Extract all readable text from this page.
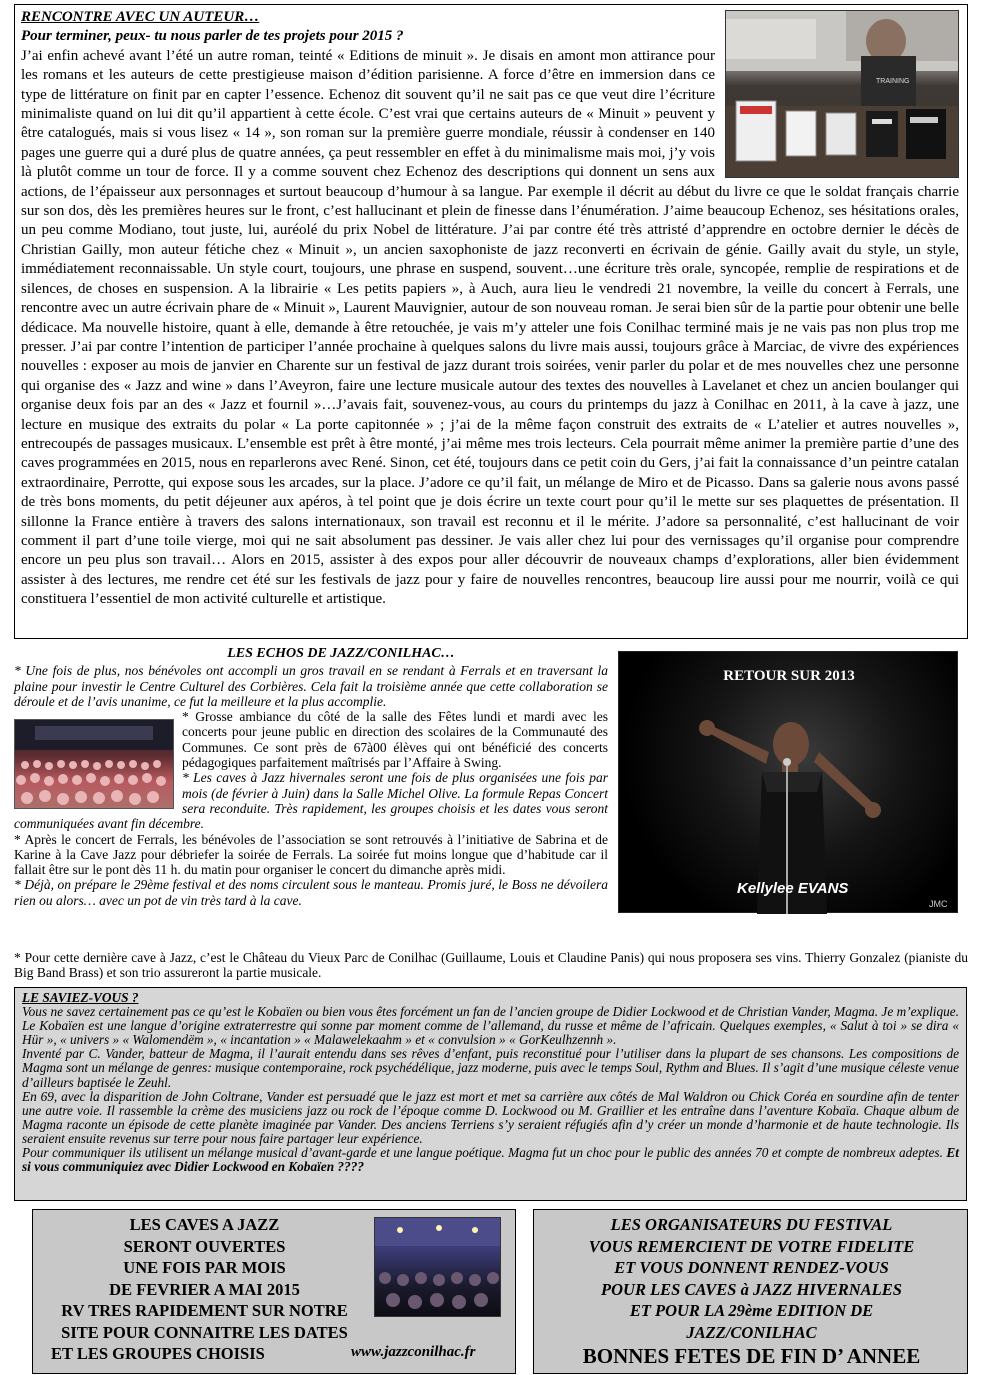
TRAINING
RENCONTRE AVEC UN AUTEUR…
Pour terminer, peux- tu nous parler de tes projets pour 2015 ?
J’ai enfin achevé avant l’été un autre roman, teinté « Editions de minuit ». Je disais en amont mon attirance pour les romans et les auteurs de cette prestigieuse maison d’édition parisienne. A force d’être en immersion dans ce type de littérature on finit par en capter l’essence. Echenoz dit souvent qu’il ne sait pas ce que veut dire l’écriture minimaliste quand on lui dit qu’il appartient à cette école. C’est vrai que certains auteurs de « Minuit » peuvent y être catalogués, mais si vous lisez « 14 », son roman sur la première guerre mondiale, réussir à condenser en 140 pages une guerre qui a duré plus de quatre années, ça peut ressembler en effet à du minimalisme mais moi, j’y vois là plutôt comme un tour de force. Il y a comme souvent chez Echenoz des descriptions qui donnent un sens aux actions, de l’épaisseur aux personnages et surtout beaucoup d’humour à sa langue. Par exemple il décrit au début du livre ce que le soldat français charrie sur son dos, dès les premières heures sur le front, c’est hallucinant et plein de finesse dans l’énumération. J’aime beaucoup Echenoz, ses hésitations orales, un peu comme Modiano, tout juste, lui, auréolé du prix Nobel de littérature. J’ai par contre été très attristé d’apprendre en octobre dernier le décès de Christian Gailly, mon auteur fétiche chez « Minuit », un ancien saxophoniste de jazz reconverti en écrivain de génie. Gailly avait du style, un style, immédiatement reconnaissable. Un style court, toujours, une phrase en suspend, souvent…une écriture très orale, syncopée, remplie de respirations et de silences, de choses en suspension. A la librairie « Les petits papiers », à Auch, aura lieu le vendredi 21 novembre, la veille du concert à Ferrals, une rencontre avec un autre écrivain phare de « Minuit », Laurent Mauvignier, autour de son nouveau roman. Je serai bien sûr de la partie pour obtenir une belle dédicace. Ma nouvelle histoire, quant à elle, demande à être retouchée, je vais m’y atteler une fois Conilhac terminé mais je ne vais pas non plus trop me presser. J’ai par contre l’intention de participer l’année prochaine à quelques salons du livre mais aussi, toujours grâce à Marciac, de vivre des expériences nouvelles : exposer au mois de janvier en Charente sur un festival de jazz durant trois soirées, venir parler du polar et de mes nouvelles chez une personne qui organise des « Jazz and wine » dans l’Aveyron, faire une lecture musicale autour des textes des nouvelles à Lavelanet et chez un ancien boulanger qui organise deux fois par an des « Jazz et fournil »…J’avais fait, souvenez-vous, au cours du printemps du jazz à Conilhac en 2011, à la cave à jazz, une lecture en musique des extraits du polar « La porte capitonnée » ; j’ai de la même façon construit des extraits de « L’atelier et autres nouvelles », entrecoupés de passages musicaux. L’ensemble est prêt à être monté, j’ai même mes trois lecteurs. Cela pourrait même animer la première partie d’une des caves programmées en 2015, nous en reparlerons avec René. Sinon, cet été, toujours dans ce petit coin du Gers, j’ai fait la connaissance d’un peintre catalan extraordinaire, Perrotte, qui expose sous les arcades, sur la place. J’adore ce qu’il fait, un mélange de Miro et de Picasso. Dans sa galerie nous avons passé de très bons moments, du petit déjeuner aux apéros, à tel point que je dois écrire un texte court pour qu’il le mette sur ses plaquettes de présentation. Il sillonne la France entière à travers des salons internationaux, son travail est reconnu et il le mérite. J’adore sa personnalité, c’est hallucinant de voir comment il part d’une toile vierge, moi qui ne sait absolument pas dessiner. Je vais aller chez lui pour des vernissages qu’il organise pour comprendre encore un peu plus son travail… Alors en 2015, assister à des expos pour aller découvrir de nouveaux champs d’explorations, aller bien évidemment assister à des lectures, me rendre cet été sur les festivals de jazz pour y faire de nouvelles rencontres, beaucoup lire aussi pour me nourrir, voilà ce qui constituera l’essentiel de mon activité culturelle et artistique.
LES ECHOS DE JAZZ/CONILHAC…

* Une fois de plus, nos bénévoles ont accompli un gros travail en se rendant à Ferrals et en traversant la plaine pour investir le Centre Culturel des Corbières. Cela fait la troisième année que cette collaboration se déroule et de l’avis unanime, ce fut la meilleure et la plus accomplie.

* Grosse ambiance du côté de la salle des Fêtes lundi et mardi avec les concerts pour jeune public en direction des scolaires de la Communauté des Communes. Ce sont près de 67à00 élèves qui ont bénéficié des concerts pédagogiques parfaitement maîtrisés par l’Affaire à Swing.

* Les caves à Jazz hivernales seront une fois de plus organisées une fois par mois (de février à Juin) dans la Salle Michel Olive. La formule Repas Concert sera reconduite. Très rapidement, les groupes choisis et les dates vous seront communiquées avant fin décembre.

* Après le concert de Ferrals, les bénévoles de l’association se sont retrouvés à l’initiative de Sabrina et de Karine à la Cave Jazz pour débriefer la soirée de Ferrals. La soirée fut moins longue que d’habitude car il fallait être sur le pont dès 11 h. du matin pour organiser le concert du dimanche après midi.

* Déjà, on prépare le 29ème festival et des noms circulent sous le manteau. Promis juré, le Boss ne dévoilera rien ou alors… avec un pot de vin très tard à la cave.

* Pour cette dernière cave à Jazz, c’est le Château du Vieux Parc de Conilhac (Guillaume, Louis et Claudine Panis) qui nous proposera ses vins. Thierry Gonzalez (pianiste du Big Band Brass) et son trio assureront la partie musicale.
RETOUR SUR 2013
Kellylee EVANS
JMC

LE SAVIEZ-VOUS ?

Vous ne savez certainement pas ce qu’est le Kobaïen ou bien vous êtes forcément un fan de l’ancien groupe de Didier Lockwood et de Christian Vander, Magma. Je m’explique. Le Kobaïen est une langue d’origine extraterrestre qui sonne par moment comme de l’allemand, du russe et même de l’africain. Quelques exemples, « Salut à toi » se dira « Hür », « univers » « Walomendëm », « incantation » « Malawelekaahm » et « convulsion » « GorKeulhzennh ».

Inventé par C. Vander, batteur de Magma, il l’aurait entendu dans ses rêves d’enfant, puis reconstitué pour l’utiliser dans la plupart de ses chansons. Les compositions de Magma sont un mélange de genres: musique contemporaine, rock psychédélique, jazz moderne, puis avec le temps Soul, Rythm and Blues. Il s’agit d’une musique céleste venue d’ailleurs baptisée le Zeuhl.

En 69, avec la disparition de John Coltrane, Vander est persuadé que le jazz est mort et met sa carrière aux côtés de Mal Waldron ou Chick Coréa en sourdine afin de tenter une autre voie. Il rassemble la crème des musiciens jazz ou rock de l’époque comme D. Lockwood ou M. Graillier et les entraîne dans l’aventure Kobaïa. Chaque album de Magma raconte un épisode de cette planète imaginée par Vander. Des anciens Terriens s’y seraient réfugiés afin d’y créer un monde d’harmonie et de haute technologie. Ils seraient ensuite revenus sur terre pour nous faire partager leur expérience.

Pour communiquer ils utilisent un mélange musical d’avant-garde et une langue poétique. Magma fut un choc pour le public des années 70 et compte de nombreux adeptes. Et si vous communiquiez avec Didier Lockwood en Kobaïen ????

LES CAVES A JAZZ
SERONT OUVERTES
UNE FOIS PAR MOIS
DE FEVRIER A MAI 2015
RV TRES RAPIDEMENT SUR NOTRE
SITE POUR CONNAITRE LES DATES
ET LES GROUPES CHOISIS	www.jazzconilhac.fr
LES ORGANISATEURS DU FESTIVAL
VOUS REMERCIENT DE VOTRE FIDELITE
ET VOUS DONNENT RENDEZ-VOUS
POUR LES CAVES à JAZZ HIVERNALES
ET POUR LA 29ème EDITION DE
JAZZ/CONILHAC
BONNES FETES DE FIN D’ ANNEE
